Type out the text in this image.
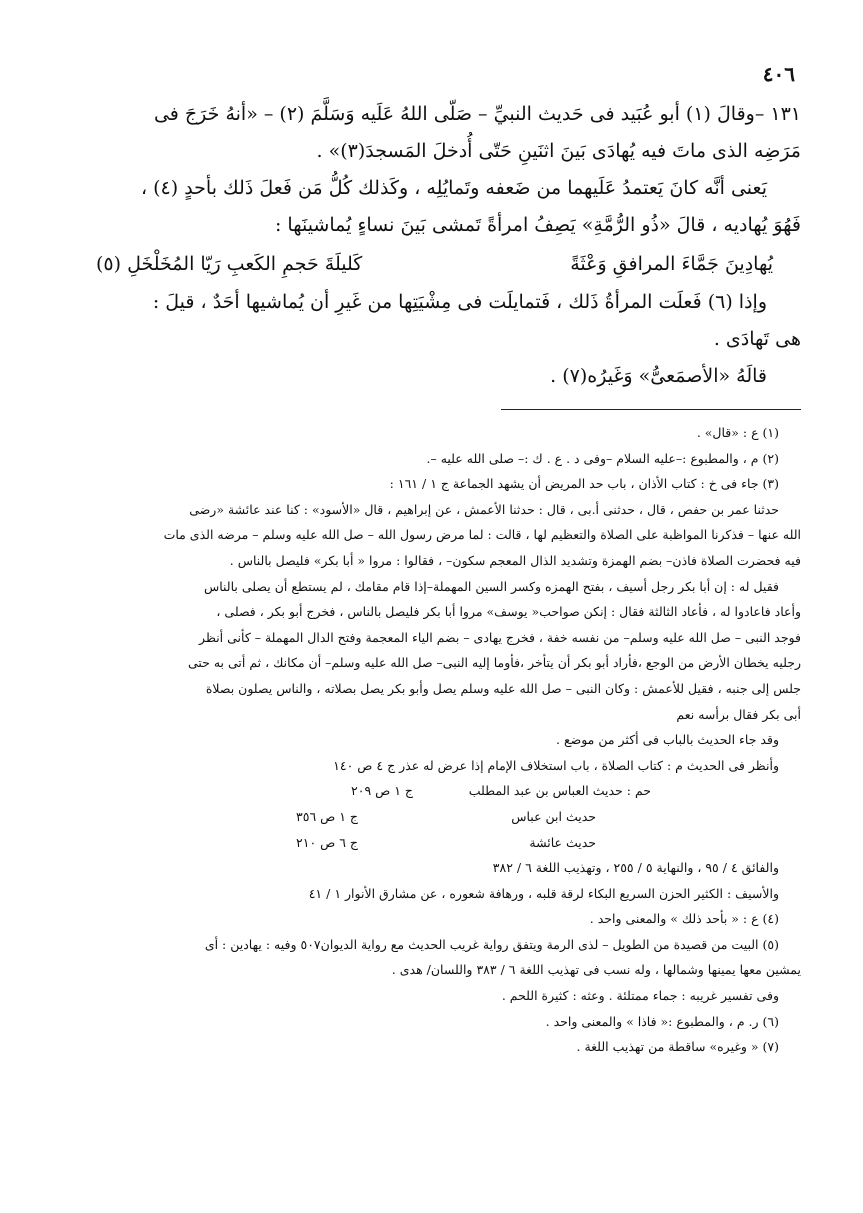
٤٠٦

١٣١ –وقالَ (١) أبو عُبَيد فى حَديث النبيِّ – صَلّى اللهُ عَلَيه وَسَلَّمَ (٢) – «أنهُ خَرَجَ فى

مَرَضِه الذى ماتَ فيه يُهادَى بَينَ اثنَينِ حَتّى أُدخلَ المَسجدَ(٣)» .

يَعنى أنَّه كانَ يَعتمدُ عَلَيهما من ضَعفه وتَمايُلِه ، وكَذلك كُلُّ مَن فَعلَ ذَلك بأحدٍ (٤) ،

فَهُوَ يُهاديه ، قالَ «ذُو الرُّمَّةِ» يَصِفُ امرأةً تَمشى بَينَ نساءٍ يُماشينَها :

يُهادِينَ جَمَّاءَ المرافقِ وَعْثَةً
كَليلَةَ حَجمِ الكَعبِ رَيّا المُخَلْخَلِ (٥)

وإذا (٦) فَعلَت المرأةُ ذَلك ، فَتمايلَت فى مِشْيَتِها من غَيرِ أن يُماشيها أحَدٌ ، قيلَ :

هى تَهادَى .

قالَهُ «الأصمَعىُّ» وَغَيرُه(٧) .

(١) ع : «قال» .

(٢) م ، والمطبوع :–عليه السلام –وفى د . ع . ك :– صلى الله عليه –.

(٣) جاء فى خ : كتاب الأذان ، باب حد المريض أن يشهد الجماعة ج ١ / ١٦١ :

حدثنا عمر بن حفص ، قال ، حدثنى أ.بى ، قال : حدثنا الأعمش ، عن إبراهيم ، قال «الأسود» : كنا عند عائشة «رضى

الله عنها – فذكرنا المواظبة على الصلاة والتعظيم لها ، قالت : لما مرض رسول الله – صل الله عليه وسلم – مرضه الذى مات

فيه فحضرت الصلاة فاذن– بضم الهمزة وتشديد الذال المعجم سكون– ، فقالوا : مروا « أبا بكر» فليصل بالناس .

فقيل له : إن أبا بكر رجل أسيف ، بفتح الهمزه وكسر السين المهملة–إذا قام مقامك ، لم يستطع أن يصلى بالناس

وأعاد فاعادوا له ، فأعاد الثالثة فقال : إنكن صواحب« يوسف» مروا أبا بكر فليصل بالناس ، فخرج أبو بكر ، فصلى ،

فوجد النبى – صل الله عليه وسلم– من نفسه خفة ، فخرج يهادى – بضم الياء المعجمة وفتح الدال المهملة – كأنى أنظر

رجليه يخطان الأرض من الوجع ،فأراد أبو بكر أن يتأخر ،فأوما إليه النبى– صل الله عليه وسلم– أن مكانك ، ثم أتى به حتى

جلس إلى جنبه ، فقيل للأعمش : وكان النبى – صل الله عليه وسلم يصل وأبو بكر يصل بصلاته ، والناس يصلون بصلاة

أبى بكر فقال برأسه نعم

وقد جاء الحديث بالباب فى أكثر من موضع .

وأنظر فى الحديث م : كتاب الصلاة ، باب استخلاف الإمام إذا عرض له عذر ج ٤ ص ١٤٠

حم : حديث العباس بن عبد المطلب
ج ١ ص ٢٠٩
حديث ابن عباس
ج ١ ص ٣٥٦
حديث عائشة
ج ٦ ص ٢١٠

والفائق ٤ / ٩٥ ، والنهاية ٥ / ٢٥٥ ، وتهذيب اللغة ٦ / ٣٨٢

والأسيف : الكثير الحزن السريع البكاء لرقة قلبه ، ورهافة شعوره ، عن مشارق الأنوار ١ / ٤١

(٤) ع : « بأحد ذلك » والمعنى واحد .

(٥) البيت من قصيدة من الطويل – لذى الرمة ويتفق رواية غريب الحديث مع رواية الديوان٥٠٧ وفيه : يهادين : أى

يمشين معها يمينها وشمالها ، وله نسب فى تهذيب اللغة ٦ / ٣٨٣ واللسان/ هدى .

وفى تفسير غريبه : جماء ممتلئة . وعثه : كثيرة اللحم .

(٦) ر. م ، والمطبوع :« فاذا » والمعنى واحد .

(٧) « وغيره» ساقطة من تهذيب اللغة .
